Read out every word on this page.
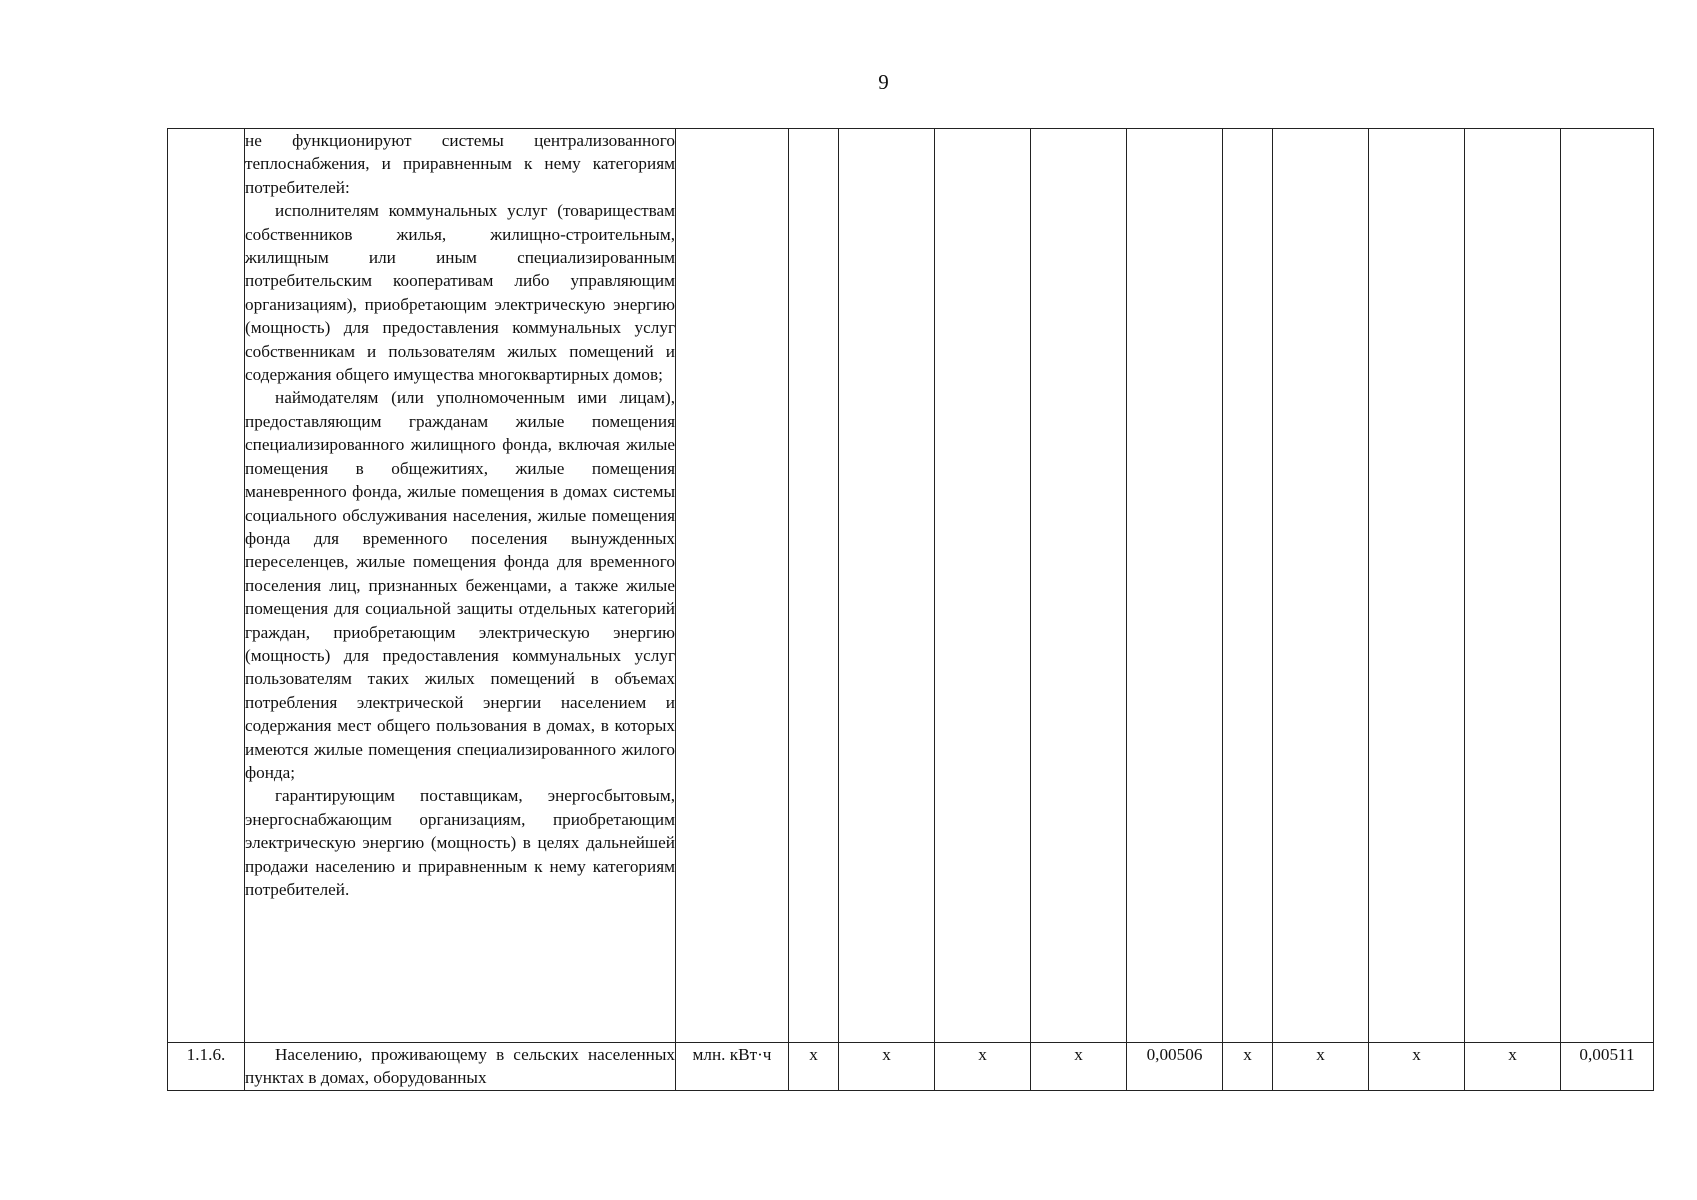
9

	не функционируют системы централизованного теплоснабжения, и приравненным к нему категориям потребителей:

исполнителям коммунальных услуг (товариществам собственников жилья, жилищно-строительным, жилищным или иным специализированным потребительским кооперативам либо управляющим организациям), приобретающим электрическую энергию (мощность) для предоставления коммунальных услуг собственникам и пользователям жилых помещений и содержания общего имущества многоквартирных домов;

наймодателям (или уполномоченным ими лицам), предоставляющим гражданам жилые помещения специализированного жилищного фонда, включая жилые помещения в общежитиях, жилые помещения маневренного фонда, жилые помещения в домах системы социального обслуживания населения, жилые помещения фонда для временного поселения вынужденных переселенцев, жилые помещения фонда для временного поселения лиц, признанных беженцами, а также жилые помещения для социальной защиты отдельных категорий граждан, приобретающим электрическую энергию (мощность) для предоставления коммунальных услуг пользователям таких жилых помещений в объемах потребления электрической энергии населением и содержания мест общего пользования в домах, в которых имеются жилые помещения специализированного жилого фонда;

гарантирующим поставщикам, энергосбытовым, энергоснабжающим организациям, приобретающим электрическую энергию (мощность) в целях дальнейшей продажи населению и приравненным к нему категориям потребителей.											

1.1.6.	Населению, проживающему в сельских населенных пунктах в домах, оборудованных	млн. кВт·ч	x	x	x	x	0,00506	x	x	x	x	0,00511
